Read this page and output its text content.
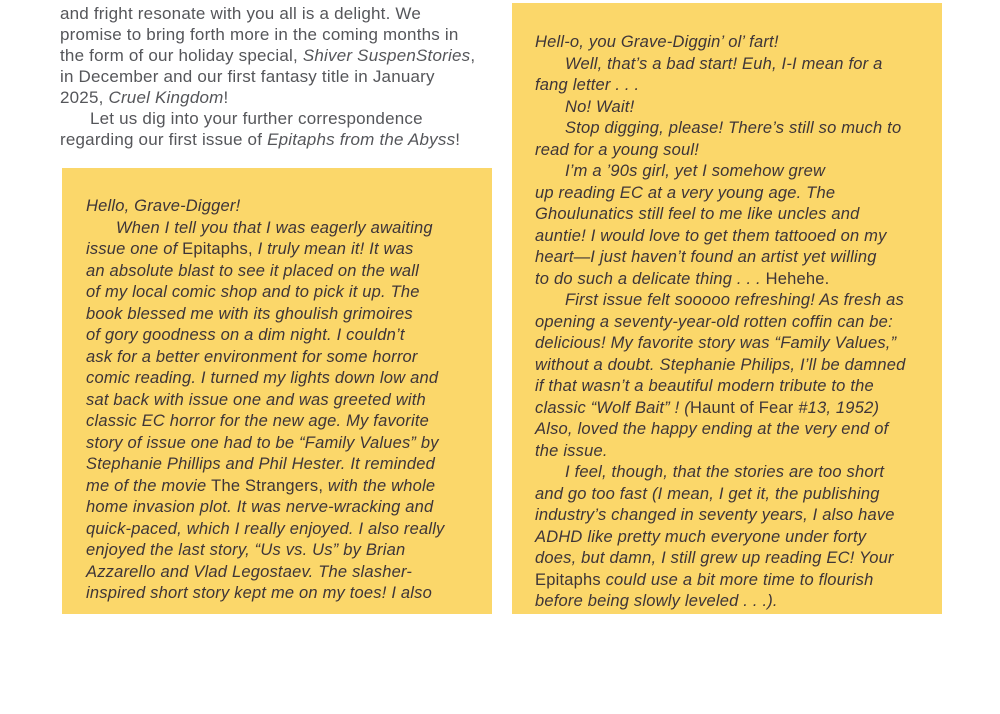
and fright resonate with you all is a delight. We
promise to bring forth more in the coming months in
the form of our holiday special, Shiver SuspenStories,
in December and our first fantasy title in January
2025, Cruel Kingdom!
Let us dig into your further correspondence
regarding our first issue of Epitaphs from the Abyss!
Hello, Grave-Digger!
When I tell you that I was eagerly awaiting
issue one of Epitaphs, I truly mean it! It was
an absolute blast to see it placed on the wall
of my local comic shop and to pick it up. The
book blessed me with its ghoulish grimoires
of gory goodness on a dim night. I couldn’t
ask for a better environment for some horror
comic reading. I turned my lights down low and
sat back with issue one and was greeted with
classic EC horror for the new age. My favorite
story of issue one had to be “Family Values” by
Stephanie Phillips and Phil Hester. It reminded
me of the movie The Strangers, with the whole
home invasion plot. It was nerve-wracking and
quick-paced, which I really enjoyed. I also really
enjoyed the last story, “Us vs. Us” by Brian
Azzarello and Vlad Legostaev. The slasher-
inspired short story kept me on my toes! I also
Hell-o, you Grave-Diggin’ ol’ fart!
Well, that’s a bad start! Euh, I-I mean for a
fang letter . . .
No! Wait!
Stop digging, please! There’s still so much to
read for a young soul!
I’m a ’90s girl, yet I somehow grew
up reading EC at a very young age. The
Ghoulunatics still feel to me like uncles and
auntie! I would love to get them tattooed on my
heart—I just haven’t found an artist yet willing
to do such a delicate thing . . . Hehehe.
First issue felt sooooo refreshing! As fresh as
opening a seventy-year-old rotten coffin can be:
delicious! My favorite story was “Family Values,”
without a doubt. Stephanie Philips, I’ll be damned
if that wasn’t a beautiful modern tribute to the
classic “Wolf Bait” ! (Haunt of Fear #13, 1952)
Also, loved the happy ending at the very end of
the issue.
I feel, though, that the stories are too short
and go too fast (I mean, I get it, the publishing
industry’s changed in seventy years, I also have
ADHD like pretty much everyone under forty
does, but damn, I still grew up reading EC! Your
Epitaphs could use a bit more time to flourish
before being slowly leveled . . .).
